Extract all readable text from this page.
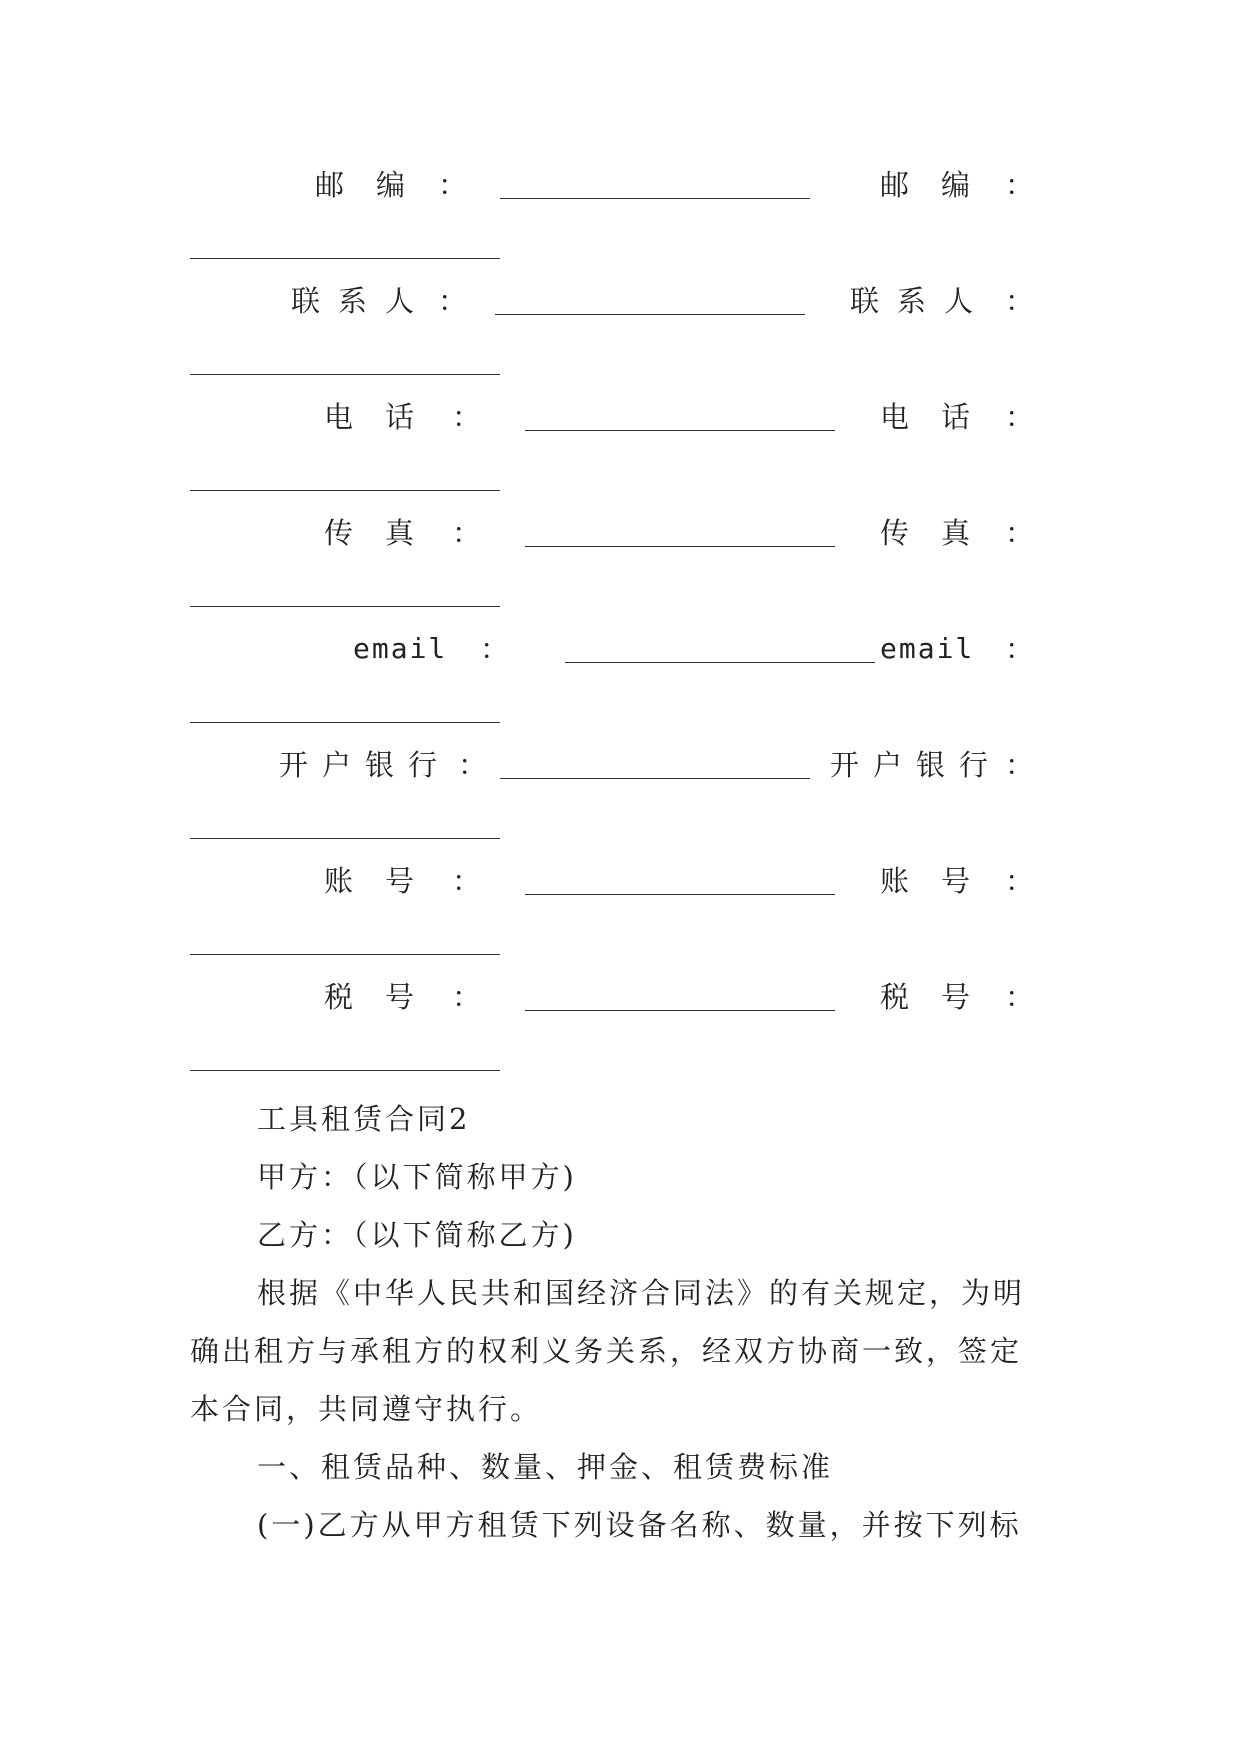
邮编 ：	邮编 ：
联系人 ：	联系人 ：
电话 ：	电话 ：
传真 ：	传真 ：
email ：	email ：
开户银行 ：	开户银行 ：
账号 ：	账号 ：
税号 ：	税号 ：
工具租赁合同2
甲方：（以下简称甲方)
乙方：（以下简称乙方)
根据《中华人民共和国经济合同法》的有关规定，为明
确出租方与承租方的权利义务关系，经双方协商一致，签定
本合同，共同遵守执行。
一、租赁品种、数量、押金、租赁费标准
(一)乙方从甲方租赁下列设备名称、数量，并按下列标
